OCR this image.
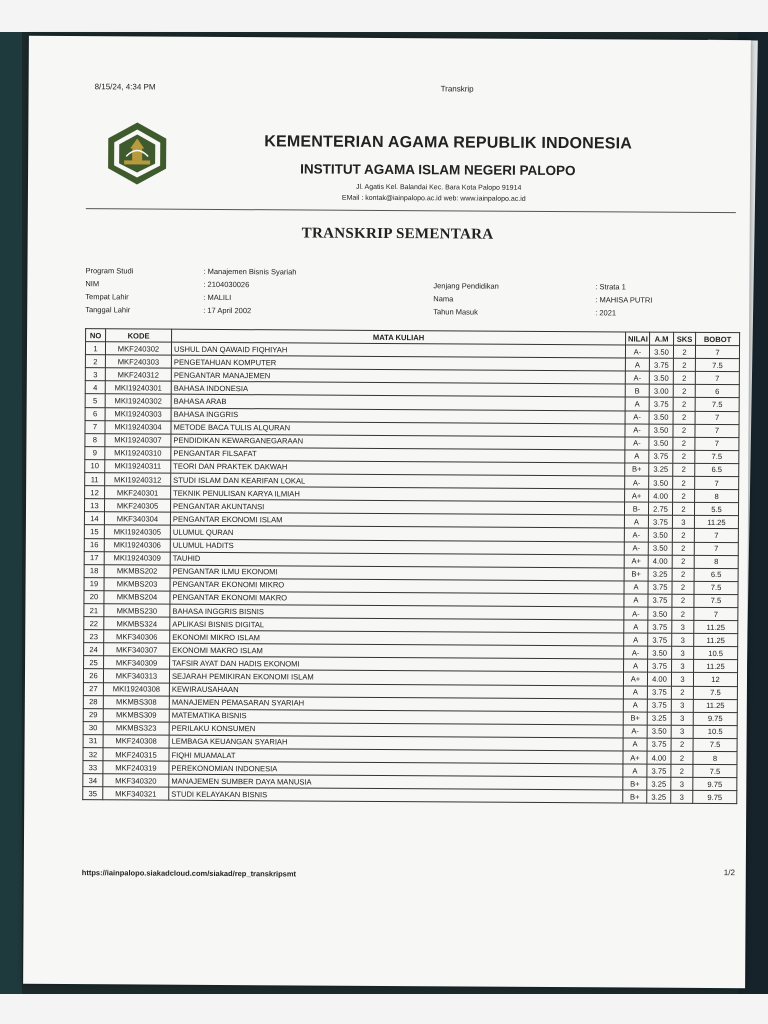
8/15/24, 4:34 PM	Transkrip
KEMENTERIAN AGAMA REPUBLIK INDONESIA
INSTITUT AGAMA ISLAM NEGERI PALOPO
Jl. Agatis Kel. Balandai Kec. Bara Kota Palopo 91914
EMail : kontak@iainpalopo.ac.id web: www.iainpalopo.ac.id
TRANSKRIP SEMENTARA
Program Studi	: Manajemen Bisnis Syariah
NIM	: 2104030026
Tempat Lahir	: MALILI
Tanggal Lahir	: 17 April 2002
Jenjang Pendidikan	: Strata 1
Nama	: MAHISA PUTRI
Tahun Masuk	: 2021
NO	KODE	MATA KULIAH	NILAI	A.M	SKS	BOBOT
1	MKF240302	USHUL DAN QAWAID FIQHIYAH	A-	3.50	2	7
2	MKF240303	PENGETAHUAN KOMPUTER	A	3.75	2	7.5
3	MKF240312	PENGANTAR MANAJEMEN	A-	3.50	2	7
4	MKI19240301	BAHASA INDONESIA	B	3.00	2	6
5	MKI19240302	BAHASA ARAB	A	3.75	2	7.5
6	MKI19240303	BAHASA INGGRIS	A-	3.50	2	7
7	MKI19240304	METODE BACA TULIS ALQURAN	A-	3.50	2	7
8	MKI19240307	PENDIDIKAN KEWARGANEGARAAN	A-	3.50	2	7
9	MKI19240310	PENGANTAR FILSAFAT	A	3.75	2	7.5
10	MKI19240311	TEORI DAN PRAKTEK DAKWAH	B+	3.25	2	6.5
11	MKI19240312	STUDI ISLAM DAN KEARIFAN LOKAL	A-	3.50	2	7
12	MKF240301	TEKNIK PENULISAN KARYA ILMIAH	A+	4.00	2	8
13	MKF240305	PENGANTAR AKUNTANSI	B-	2.75	2	5.5
14	MKF340304	PENGANTAR EKONOMI ISLAM	A	3.75	3	11.25
15	MKI19240305	ULUMUL QURAN	A-	3.50	2	7
16	MKI19240306	ULUMUL HADITS	A-	3.50	2	7
17	MKI19240309	TAUHID	A+	4.00	2	8
18	MKMBS202	PENGANTAR ILMU EKONOMI	B+	3.25	2	6.5
19	MKMBS203	PENGANTAR EKONOMI MIKRO	A	3.75	2	7.5
20	MKMBS204	PENGANTAR EKONOMI MAKRO	A	3.75	2	7.5
21	MKMBS230	BAHASA INGGRIS BISNIS	A-	3.50	2	7
22	MKMBS324	APLIKASI BISNIS DIGITAL	A	3.75	3	11.25
23	MKF340306	EKONOMI MIKRO ISLAM	A	3.75	3	11.25
24	MKF340307	EKONOMI MAKRO ISLAM	A-	3.50	3	10.5
25	MKF340309	TAFSIR AYAT DAN HADIS EKONOMI	A	3.75	3	11.25
26	MKF340313	SEJARAH PEMIKIRAN EKONOMI ISLAM	A+	4.00	3	12
27	MKI19240308	KEWIRAUSAHAAN	A	3.75	2	7.5
28	MKMBS308	MANAJEMEN PEMASARAN SYARIAH	A	3.75	3	11.25
29	MKMBS309	MATEMATIKA BISNIS	B+	3.25	3	9.75
30	MKMBS323	PERILAKU KONSUMEN	A-	3.50	3	10.5
31	MKF240308	LEMBAGA KEUANGAN SYARIAH	A	3.75	2	7.5
32	MKF240315	FIQHI MUAMALAT	A+	4.00	2	8
33	MKF240319	PEREKONOMIAN INDONESIA	A	3.75	2	7.5
34	MKF340320	MANAJEMEN SUMBER DAYA MANUSIA	B+	3.25	3	9.75
35	MKF340321	STUDI KELAYAKAN BISNIS	B+	3.25	3	9.75
https://iainpalopo.siakadcloud.com/siakad/rep_transkripsmt	1/2
